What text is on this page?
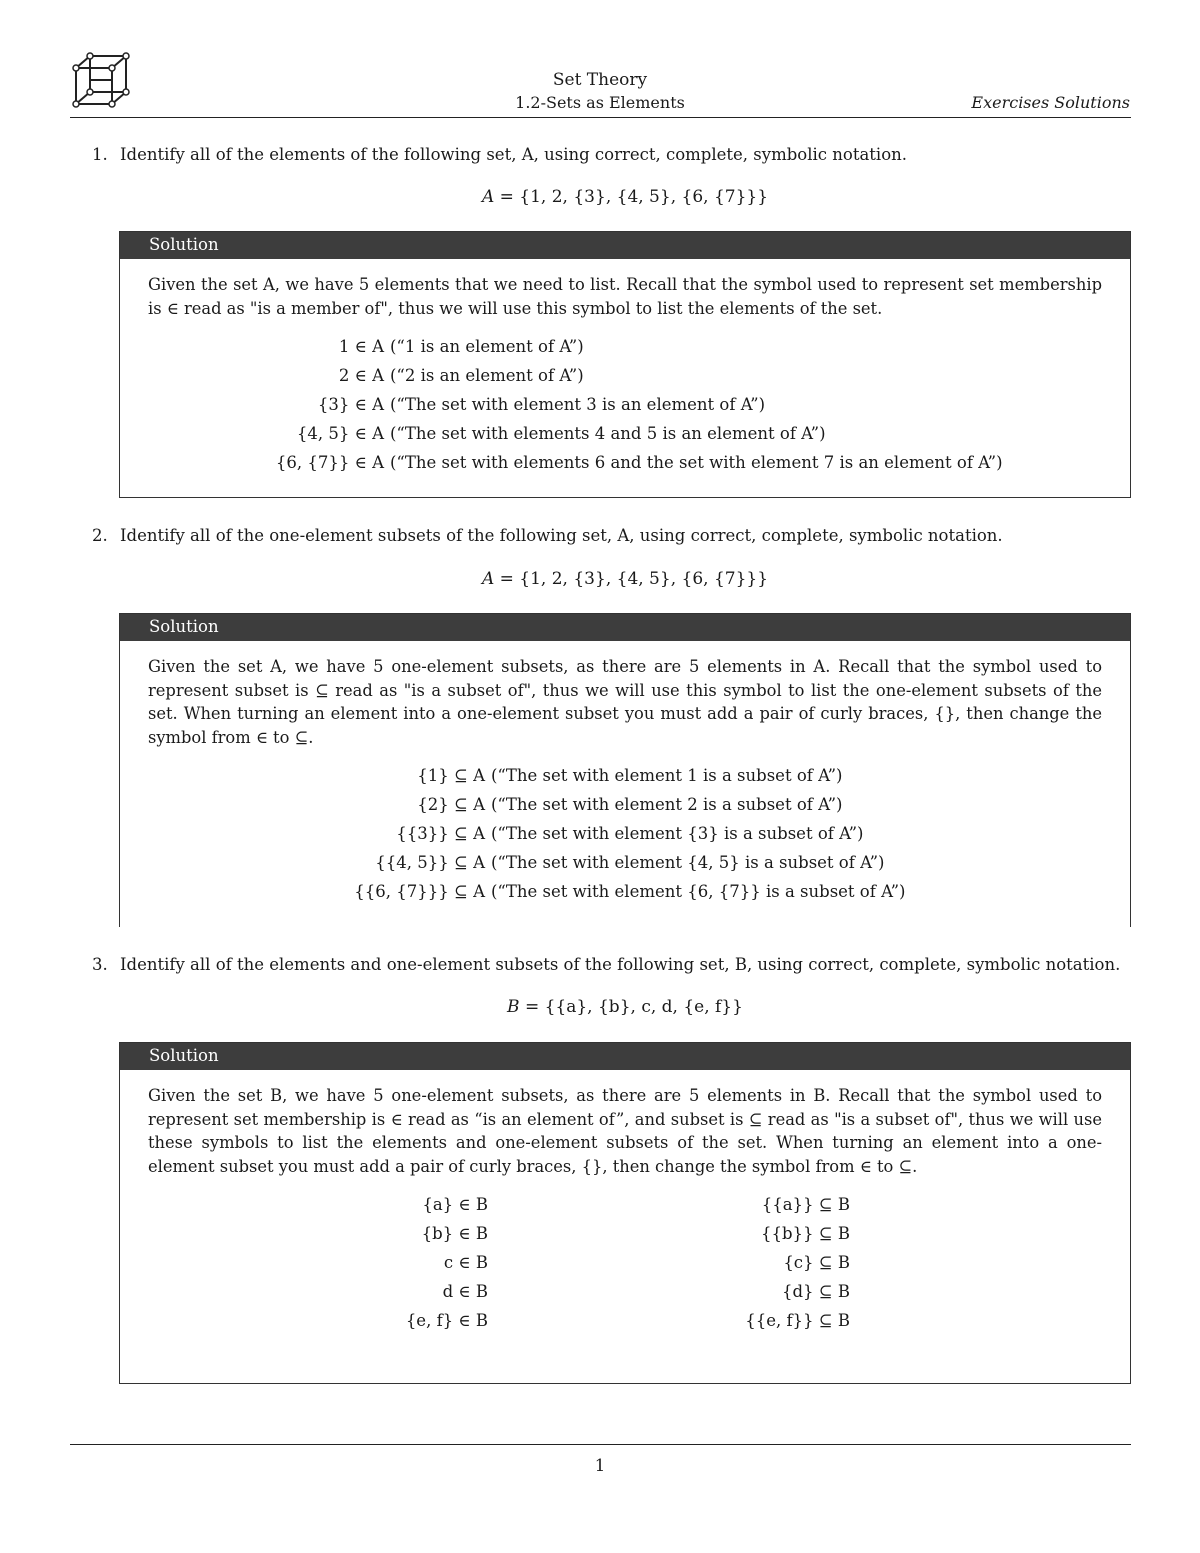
Set Theory
1.2-Sets as Elements	Exercises Solutions
1. Identify all of the elements of the following set, A, using correct, complete, symbolic notation.
A = {1, 2, {3}, {4, 5}, {6, {7}}}
Solution
Given the set A, we have 5 elements that we need to list. Recall that the symbol used to represent set membership is ∈ read as "is a member of", thus we will use this symbol to list the elements of the set.
1 ∈ A (“1 is an element of A”)
2 ∈ A (“2 is an element of A”)
{3} ∈ A (“The set with element 3 is an element of A”)
{4, 5} ∈ A (“The set with elements 4 and 5 is an element of A”)
{6, {7}} ∈ A (“The set with elements 6 and the set with element 7 is an element of A”)
2. Identify all of the one-element subsets of the following set, A, using correct, complete, symbolic notation.
A = {1, 2, {3}, {4, 5}, {6, {7}}}
Solution
Given the set A, we have 5 one-element subsets, as there are 5 elements in A. Recall that the symbol used to represent subset is ⊆ read as "is a subset of", thus we will use this symbol to list the one-element subsets of the set. When turning an element into a one-element subset you must add a pair of curly braces, {}, then change the symbol from ∈ to ⊆.
{1} ⊆ A (“The set with element 1 is a subset of A”)
{2} ⊆ A (“The set with element 2 is a subset of A”)
{{3}} ⊆ A (“The set with element {3} is a subset of A”)
{{4, 5}} ⊆ A (“The set with element {4, 5} is a subset of A”)
{{6, {7}}} ⊆ A (“The set with element {6, {7}} is a subset of A”)
3. Identify all of the elements and one-element subsets of the following set, B, using correct, complete, symbolic notation.
B = {{a}, {b}, c, d, {e, f}}
Solution
Given the set B, we have 5 one-element subsets, as there are 5 elements in B. Recall that the symbol used to represent set membership is ∈ read as “is an element of”, and subset is ⊆ read as "is a subset of", thus we will use these symbols to list the elements and one-element subsets of the set. When turning an element into a one-element subset you must add a pair of curly braces, {}, then change the symbol from ∈ to ⊆.
{a} ∈ B
{b} ∈ B
c ∈ B
d ∈ B
{e, f} ∈ B
{{a}} ⊆ B
{{b}} ⊆ B
{c} ⊆ B
{d} ⊆ B
{{e, f}} ⊆ B
1
